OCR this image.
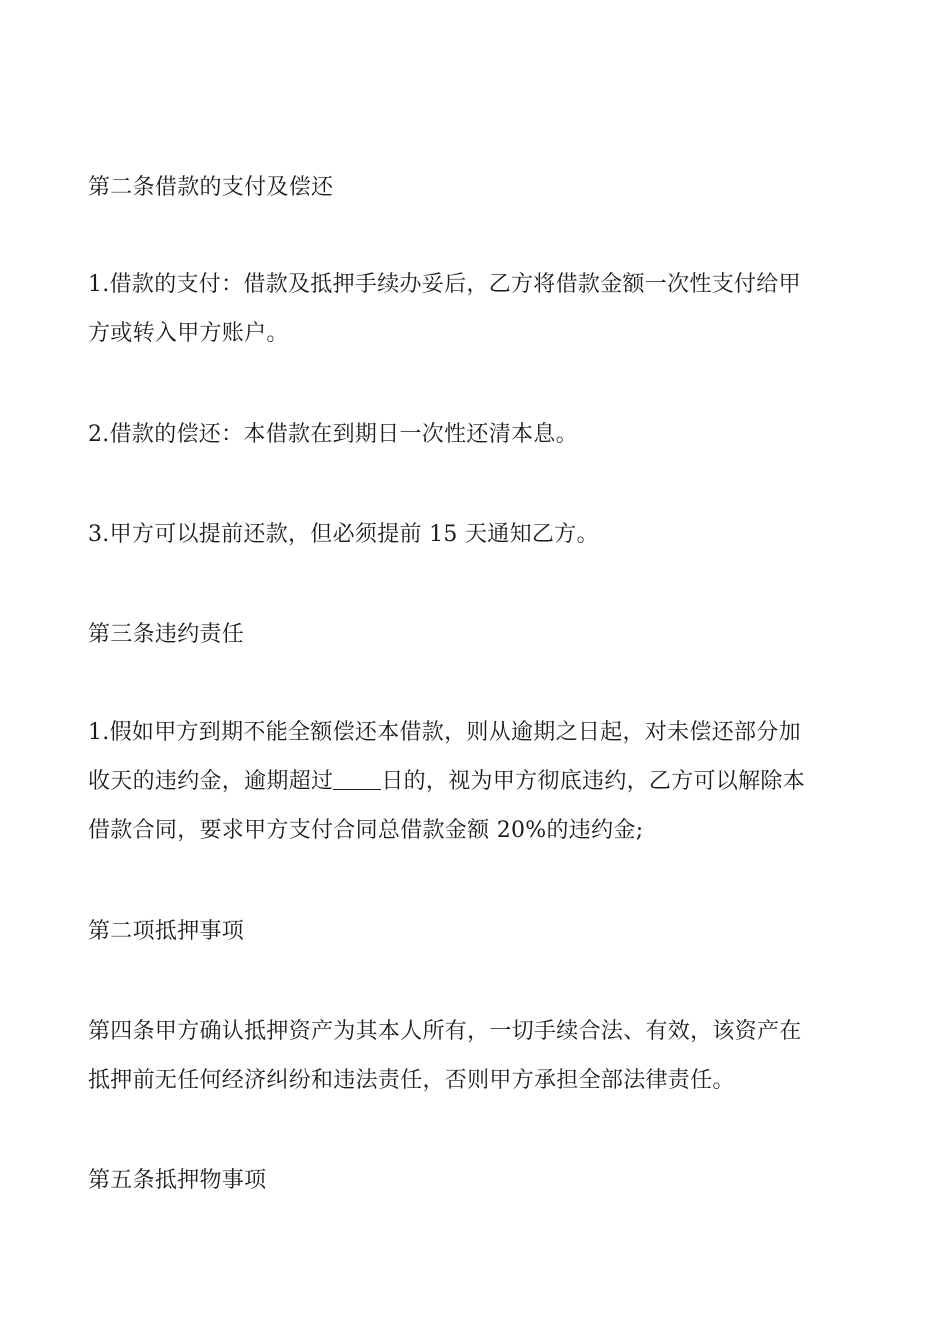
第二条借款的支付及偿还

1.借款的支付：借款及抵押手续办妥后，乙方将借款金额一次性支付给甲
方或转入甲方账户。

2.借款的偿还：本借款在到期日一次性还清本息。

3.甲方可以提前还款，但必须提前 15 天通知乙方。

第三条违约责任

1.假如甲方到期不能全额偿还本借款，则从逾期之日起，对未偿还部分加
收天的违约金，逾期超过 日的，视为甲方彻底违约，乙方可以解除本
借款合同，要求甲方支付合同总借款金额 20%的违约金;

第二项抵押事项

第四条甲方确认抵押资产为其本人所有，一切手续合法、有效，该资产在
抵押前无任何经济纠纷和违法责任，否则甲方承担全部法律责任。

第五条抵押物事项
